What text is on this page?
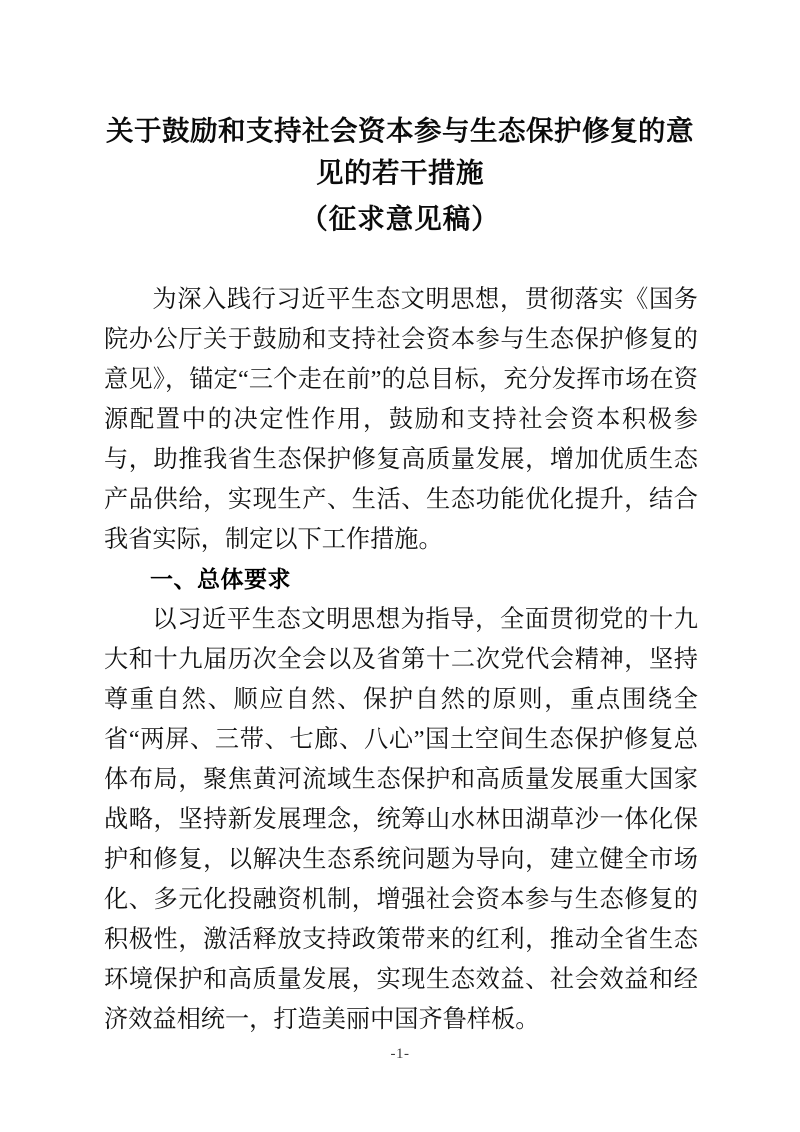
关于鼓励和支持社会资本参与生态保护修复的意见的若干措施
（征求意见稿）

为深入践行习近平生态文明思想，贯彻落实《国务院办公厅关于鼓励和支持社会资本参与生态保护修复的意见》，锚定“三个走在前”的总目标，充分发挥市场在资源配置中的决定性作用，鼓励和支持社会资本积极参与，助推我省生态保护修复高质量发展，增加优质生态产品供给，实现生产、生活、生态功能优化提升，结合我省实际，制定以下工作措施。

一、总体要求

以习近平生态文明思想为指导，全面贯彻党的十九大和十九届历次全会以及省第十二次党代会精神，坚持尊重自然、顺应自然、保护自然的原则，重点围绕全省“两屏、三带、七廊、八心”国土空间生态保护修复总体布局，聚焦黄河流域生态保护和高质量发展重大国家战略，坚持新发展理念，统筹山水林田湖草沙一体化保护和修复，以解决生态系统问题为导向，建立健全市场化、多元化投融资机制，增强社会资本参与生态修复的积极性，激活释放支持政策带来的红利，推动全省生态环境保护和高质量发展，实现生态效益、社会效益和经济效益相统一，打造美丽中国齐鲁样板。

-1-
